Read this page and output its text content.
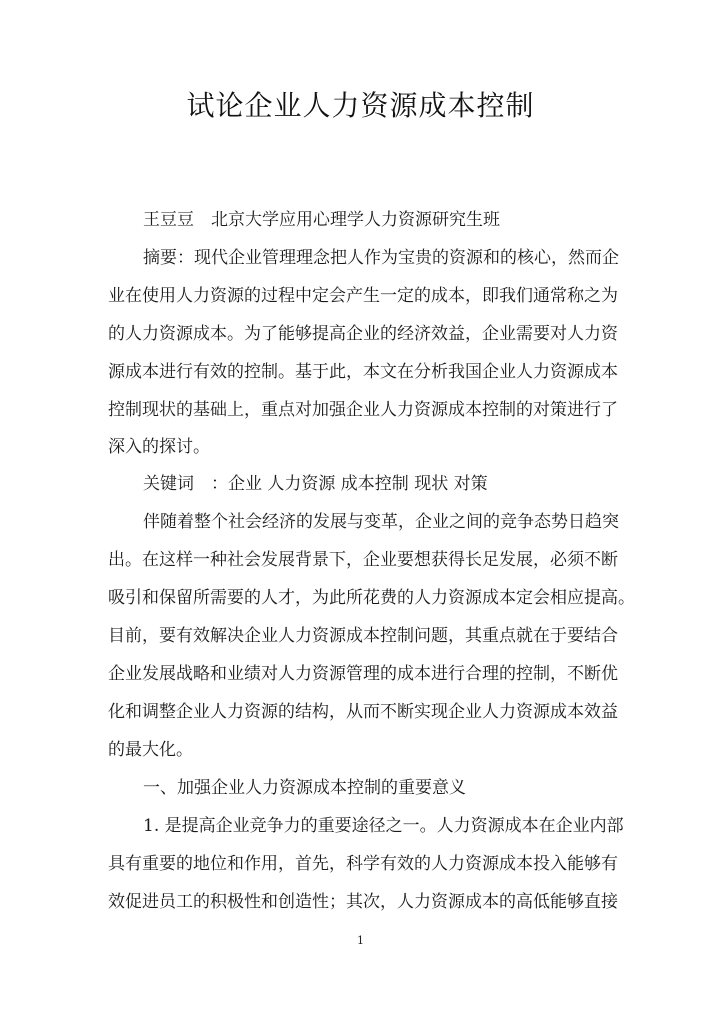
试论企业人力资源成本控制
王豆豆　北京大学应用心理学人力资源研究生班
摘要：现代企业管理理念把人作为宝贵的资源和的核心，然而企
业在使用人力资源的过程中定会产生一定的成本，即我们通常称之为
的人力资源成本。为了能够提高企业的经济效益，企业需要对人力资
源成本进行有效的控制。基于此，本文在分析我国企业人力资源成本
控制现状的基础上，重点对加强企业人力资源成本控制的对策进行了
深入的探讨。
关键词　：企业 人力资源 成本控制 现状 对策
伴随着整个社会经济的发展与变革，企业之间的竞争态势日趋突
出。在这样一种社会发展背景下，企业要想获得长足发展，必须不断
吸引和保留所需要的人才，为此所花费的人力资源成本定会相应提高。
目前，要有效解决企业人力资源成本控制问题，其重点就在于要结合
企业发展战略和业绩对人力资源管理的成本进行合理的控制，不断优
化和调整企业人力资源的结构，从而不断实现企业人力资源成本效益
的最大化。
一、加强企业人力资源成本控制的重要意义
1. 是提高企业竞争力的重要途径之一。人力资源成本在企业内部
具有重要的地位和作用，首先，科学有效的人力资源成本投入能够有
效促进员工的积极性和创造性；其次，人力资源成本的高低能够直接
1
